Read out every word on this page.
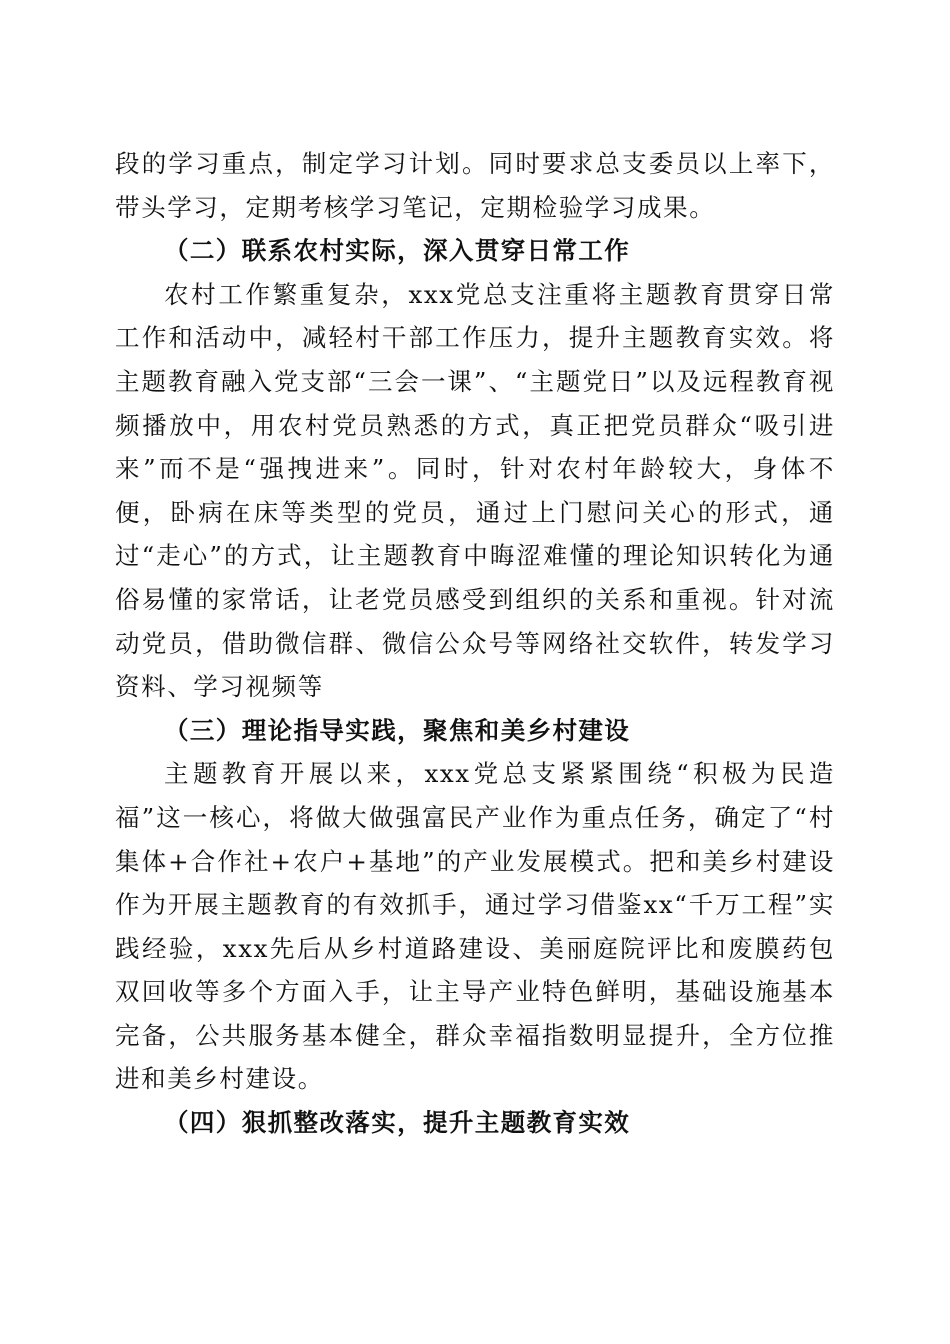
段的学习重点，制定学习计划。同时要求总支委员以上率下，带头学习，定期考核学习笔记，定期检验学习成果。

（二）联系农村实际，深入贯穿日常工作

农村工作繁重复杂，xxx党总支注重将主题教育贯穿日常工作和活动中，减轻村干部工作压力，提升主题教育实效。将主题教育融入党支部“三会一课”、“主题党日”以及远程教育视频播放中，用农村党员熟悉的方式，真正把党员群众“吸引进来”而不是“强拽进来”。同时，针对农村年龄较大，身体不便，卧病在床等类型的党员，通过上门慰问关心的形式，通过“走心”的方式，让主题教育中晦涩难懂的理论知识转化为通俗易懂的家常话，让老党员感受到组织的关系和重视。针对流动党员，借助微信群、微信公众号等网络社交软件，转发学习资料、学习视频等

（三）理论指导实践，聚焦和美乡村建设

主题教育开展以来，xxx党总支紧紧围绕“积极为民造福”这一核心，将做大做强富民产业作为重点任务，确定了“村集体+合作社+农户+基地”的产业发展模式。把和美乡村建设作为开展主题教育的有效抓手，通过学习借鉴xx“千万工程”实践经验，xxx先后从乡村道路建设、美丽庭院评比和废膜药包双回收等多个方面入手，让主导产业特色鲜明，基础设施基本完备，公共服务基本健全，群众幸福指数明显提升，全方位推进和美乡村建设。

（四）狠抓整改落实，提升主题教育实效
